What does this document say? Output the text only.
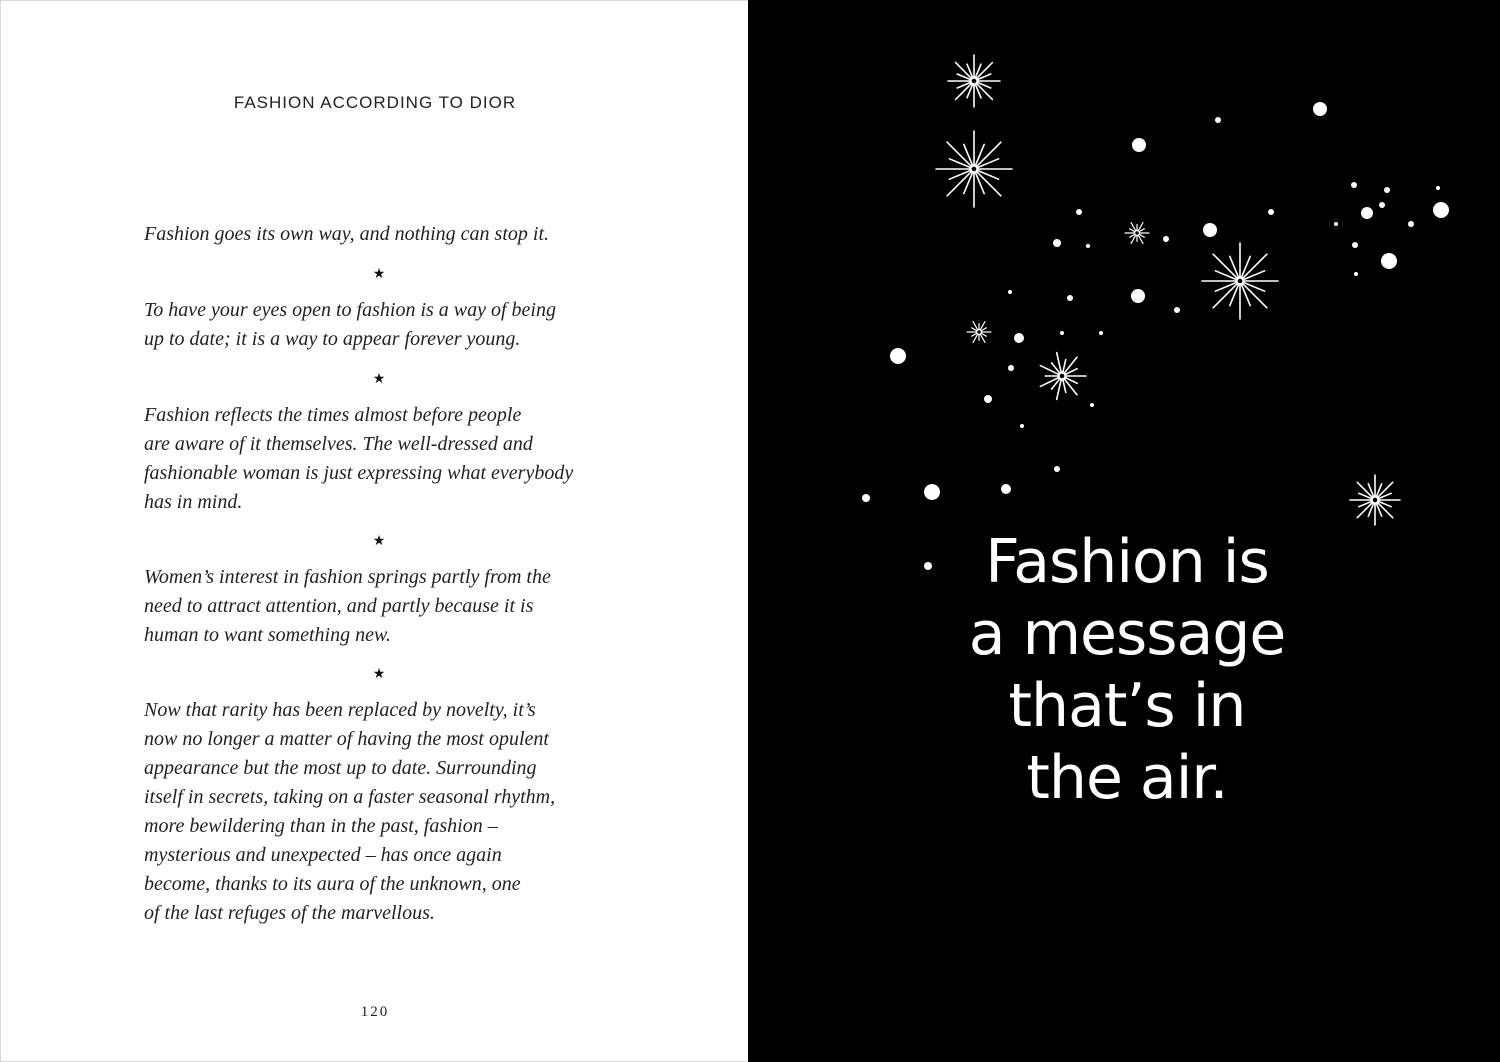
FASHION ACCORDING TO DIOR

Fashion goes its own way, and nothing can stop it.

★

To have your eyes open to fashion is a way of being
up to date; it is a way to appear forever young.

★

Fashion reflects the times almost before people
are aware of it themselves. The well-dressed and
fashionable woman is just expressing what everybody
has in mind.

★

Women’s interest in fashion springs partly from the
need to attract attention, and partly because it is
human to want something new.

★

Now that rarity has been replaced by novelty, it’s
now no longer a matter of having the most opulent
appearance but the most up to date. Surrounding
itself in secrets, taking on a faster seasonal rhythm,
more bewildering than in the past, fashion –
mysterious and unexpected – has once again
become, thanks to its aura of the unknown, one
of the last refuges of the marvellous.

120

Fashion is
a message
that’s in
the air.
